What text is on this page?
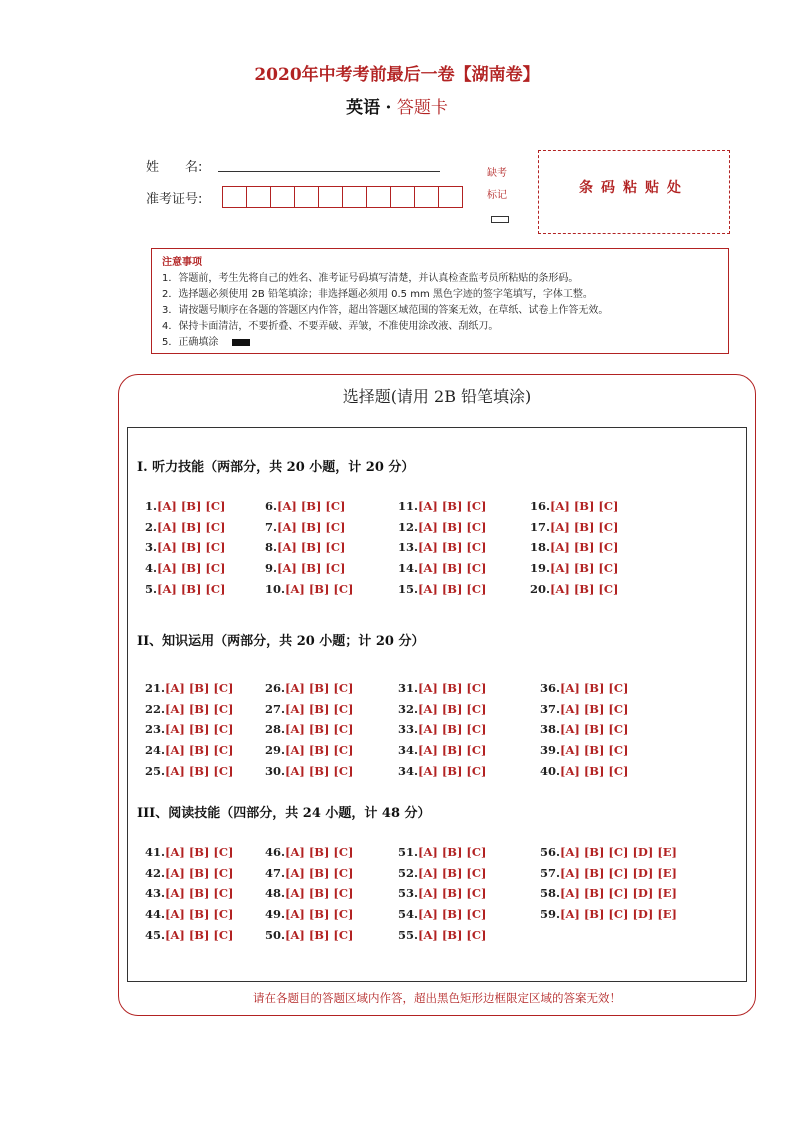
2020年中考考前最后一卷【湖南卷】
英语 · 答题卡
姓　　名:
准考证号:
缺考
标记	条码粘贴处
注意事项
1．答题前，考生先将自己的姓名、准考证号码填写清楚，并认真检查监考员所粘贴的条形码。
2．选择题必须使用 2B 铅笔填涂；非选择题必须用 0.5 mm 黑色字迹的签字笔填写，字体工整。
3．请按题号顺序在各题的答题区内作答，超出答题区域范围的答案无效，在草纸、试卷上作答无效。
4．保持卡面清洁，不要折叠、不要弄破、弄皱，不准使用涂改液、刮纸刀。
5．正确填涂
选择题(请用 2B 铅笔填涂)
I. 听力技能（两部分，共 20 小题，计 20 分）
1.[A] [B] [C]
2.[A] [B] [C]
3.[A] [B] [C]
4.[A] [B] [C]
5.[A] [B] [C]
6.[A] [B] [C]
7.[A] [B] [C]
8.[A] [B] [C]
9.[A] [B] [C]
10.[A] [B] [C]
11.[A] [B] [C]
12.[A] [B] [C]
13.[A] [B] [C]
14.[A] [B] [C]
15.[A] [B] [C]
16.[A] [B] [C]
17.[A] [B] [C]
18.[A] [B] [C]
19.[A] [B] [C]
20.[A] [B] [C]
II、知识运用（两部分，共 20 小题；计 20 分）
21.[A] [B] [C]
22.[A] [B] [C]
23.[A] [B] [C]
24.[A] [B] [C]
25.[A] [B] [C]
26.[A] [B] [C]
27.[A] [B] [C]
28.[A] [B] [C]
29.[A] [B] [C]
30.[A] [B] [C]
31.[A] [B] [C]
32.[A] [B] [C]
33.[A] [B] [C]
34.[A] [B] [C]
34.[A] [B] [C]
36.[A] [B] [C]
37.[A] [B] [C]
38.[A] [B] [C]
39.[A] [B] [C]
40.[A] [B] [C]
III、阅读技能（四部分，共 24 小题，计 48 分）
41.[A] [B] [C]
42.[A] [B] [C]
43.[A] [B] [C]
44.[A] [B] [C]
45.[A] [B] [C]
46.[A] [B] [C]
47.[A] [B] [C]
48.[A] [B] [C]
49.[A] [B] [C]
50.[A] [B] [C]
51.[A] [B] [C]
52.[A] [B] [C]
53.[A] [B] [C]
54.[A] [B] [C]
55.[A] [B] [C]
56.[A] [B] [C] [D] [E]
57.[A] [B] [C] [D] [E]
58.[A] [B] [C] [D] [E]
59.[A] [B] [C] [D] [E]
请在各题目的答题区域内作答，超出黑色矩形边框限定区域的答案无效！
